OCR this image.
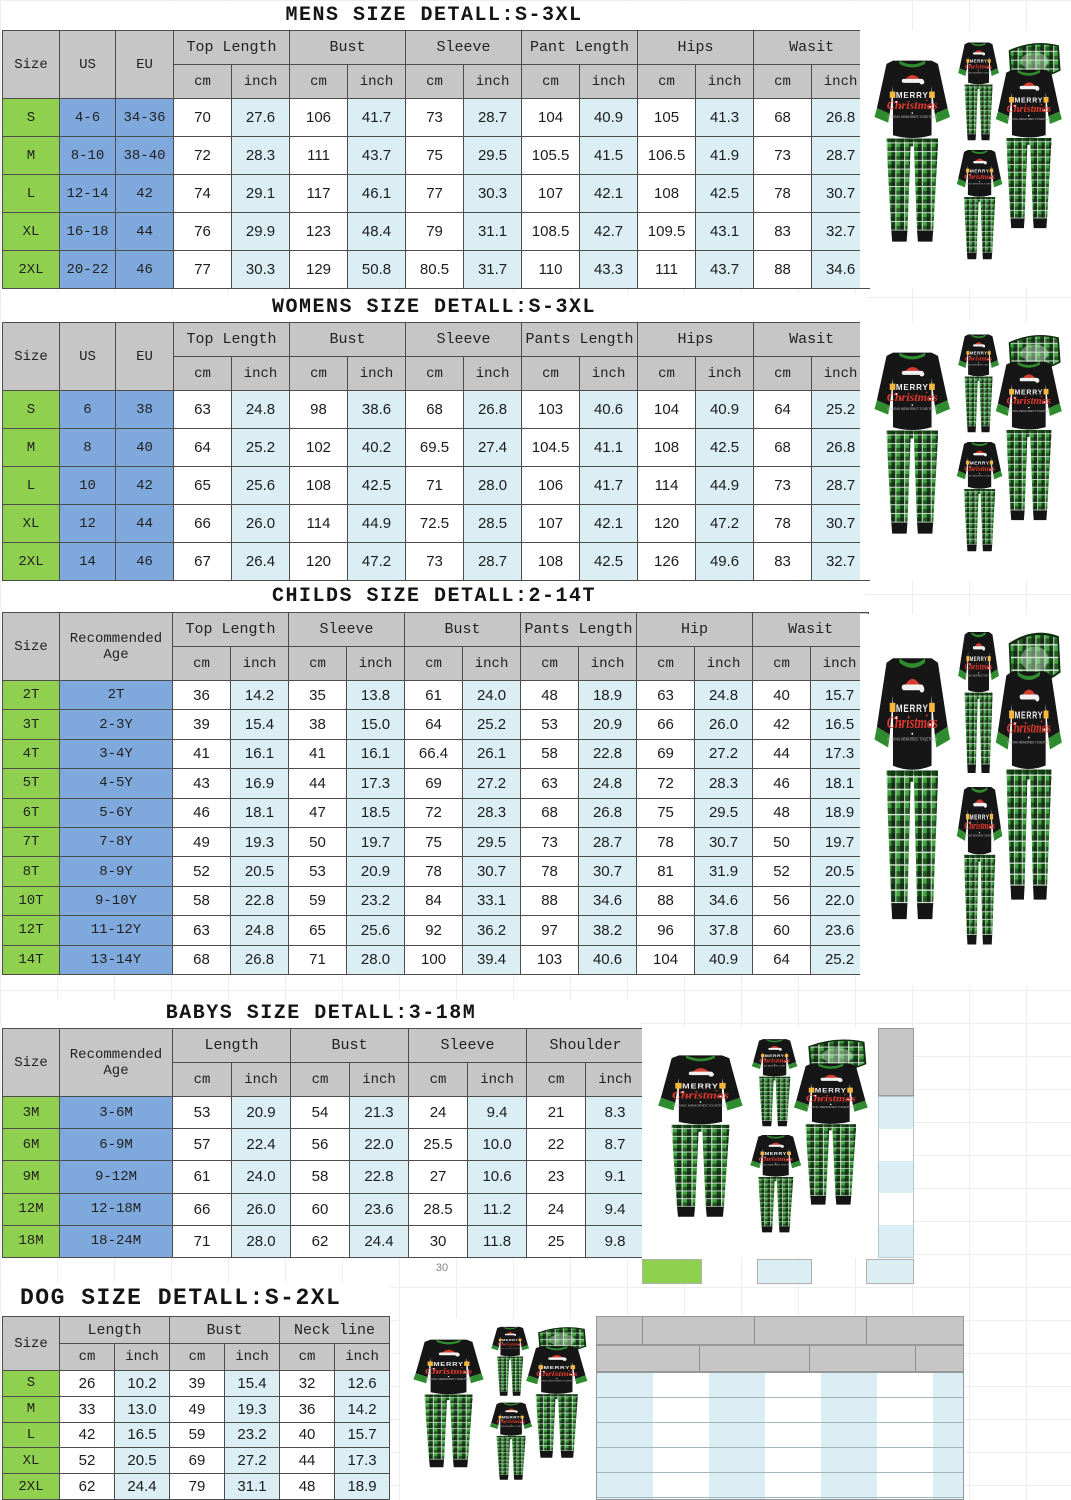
MENS SIZE DETALL:S-3XL
WOMENS SIZE DETALL:S-3XL
CHILDS SIZE DETALL:2-14T
BABYS SIZE DETALL:3-18M
DOG SIZE DETALL:S-2XL
Size	US	EU	Top Length		Bust		Sleeve		Pant Length		Hips		Wasit	
			cm	inch	cm	inch	cm	inch	cm	inch	cm	inch	cm	inch
S	4-6	34-36	70	27.6	106	41.7	73	28.7	104	40.9	105	41.3	68	26.8
M	8-10	38-40	72	28.3	111	43.7	75	29.5	105.5	41.5	106.5	41.9	73	28.7
L	12-14	42	74	29.1	117	46.1	77	30.3	107	42.1	108	42.5	78	30.7
XL	16-18	44	76	29.9	123	48.4	79	31.1	108.5	42.7	109.5	43.1	83	32.7
2XL	20-22	46	77	30.3	129	50.8	80.5	31.7	110	43.3	111	43.7	88	34.6
Size	US	EU	Top Length		Bust		Sleeve		Pants Length		Hips		Wasit	
			cm	inch	cm	inch	cm	inch	cm	inch	cm	inch	cm	inch
S	6	38	63	24.8	98	38.6	68	26.8	103	40.6	104	40.9	64	25.2
M	8	40	64	25.2	102	40.2	69.5	27.4	104.5	41.1	108	42.5	68	26.8
L	10	42	65	25.6	108	42.5	71	28.0	106	41.7	114	44.9	73	28.7
XL	12	44	66	26.0	114	44.9	72.5	28.5	107	42.1	120	47.2	78	30.7
2XL	14	46	67	26.4	120	47.2	73	28.7	108	42.5	126	49.6	83	32.7
Size	Recommended Age	Top Length		Sleeve		Bust		Pants Length		Hip		Wasit	
		cm	inch	cm	inch	cm	inch	cm	inch	cm	inch	cm	inch
2T	2T	36	14.2	35	13.8	61	24.0	48	18.9	63	24.8	40	15.7
3T	2-3Y	39	15.4	38	15.0	64	25.2	53	20.9	66	26.0	42	16.5
4T	3-4Y	41	16.1	41	16.1	66.4	26.1	58	22.8	69	27.2	44	17.3
5T	4-5Y	43	16.9	44	17.3	69	27.2	63	24.8	72	28.3	46	18.1
6T	5-6Y	46	18.1	47	18.5	72	28.3	68	26.8	75	29.5	48	18.9
7T	7-8Y	49	19.3	50	19.7	75	29.5	73	28.7	78	30.7	50	19.7
8T	8-9Y	52	20.5	53	20.9	78	30.7	78	30.7	81	31.9	52	20.5
10T	9-10Y	58	22.8	59	23.2	84	33.1	88	34.6	88	34.6	56	22.0
12T	11-12Y	63	24.8	65	25.6	92	36.2	97	38.2	96	37.8	60	23.6
14T	13-14Y	68	26.8	71	28.0	100	39.4	103	40.6	104	40.9	64	25.2
Size	Recommended Age	Length		Bust		Sleeve		Shoulder	
		cm	inch	cm	inch	cm	inch	cm	inch
3M	3-6M	53	20.9	54	21.3	24	9.4	21	8.3
6M	6-9M	57	22.4	56	22.0	25.5	10.0	22	8.7
9M	9-12M	61	24.0	58	22.8	27	10.6	23	9.1
12M	12-18M	66	26.0	60	23.6	28.5	11.2	24	9.4
18M	18-24M	71	28.0	62	24.4	30	11.8	25	9.8
Size	Length		Bust		Neck line	
	cm	inch	cm	inch	cm	inch
S	26	10.2	39	15.4	32	12.6
M	33	13.0	49	19.3	36	14.2
L	42	16.5	59	23.2	40	15.7
XL	52	20.5	69	27.2	44	17.3
2XL	62	24.4	79	31.1	48	18.9
30
